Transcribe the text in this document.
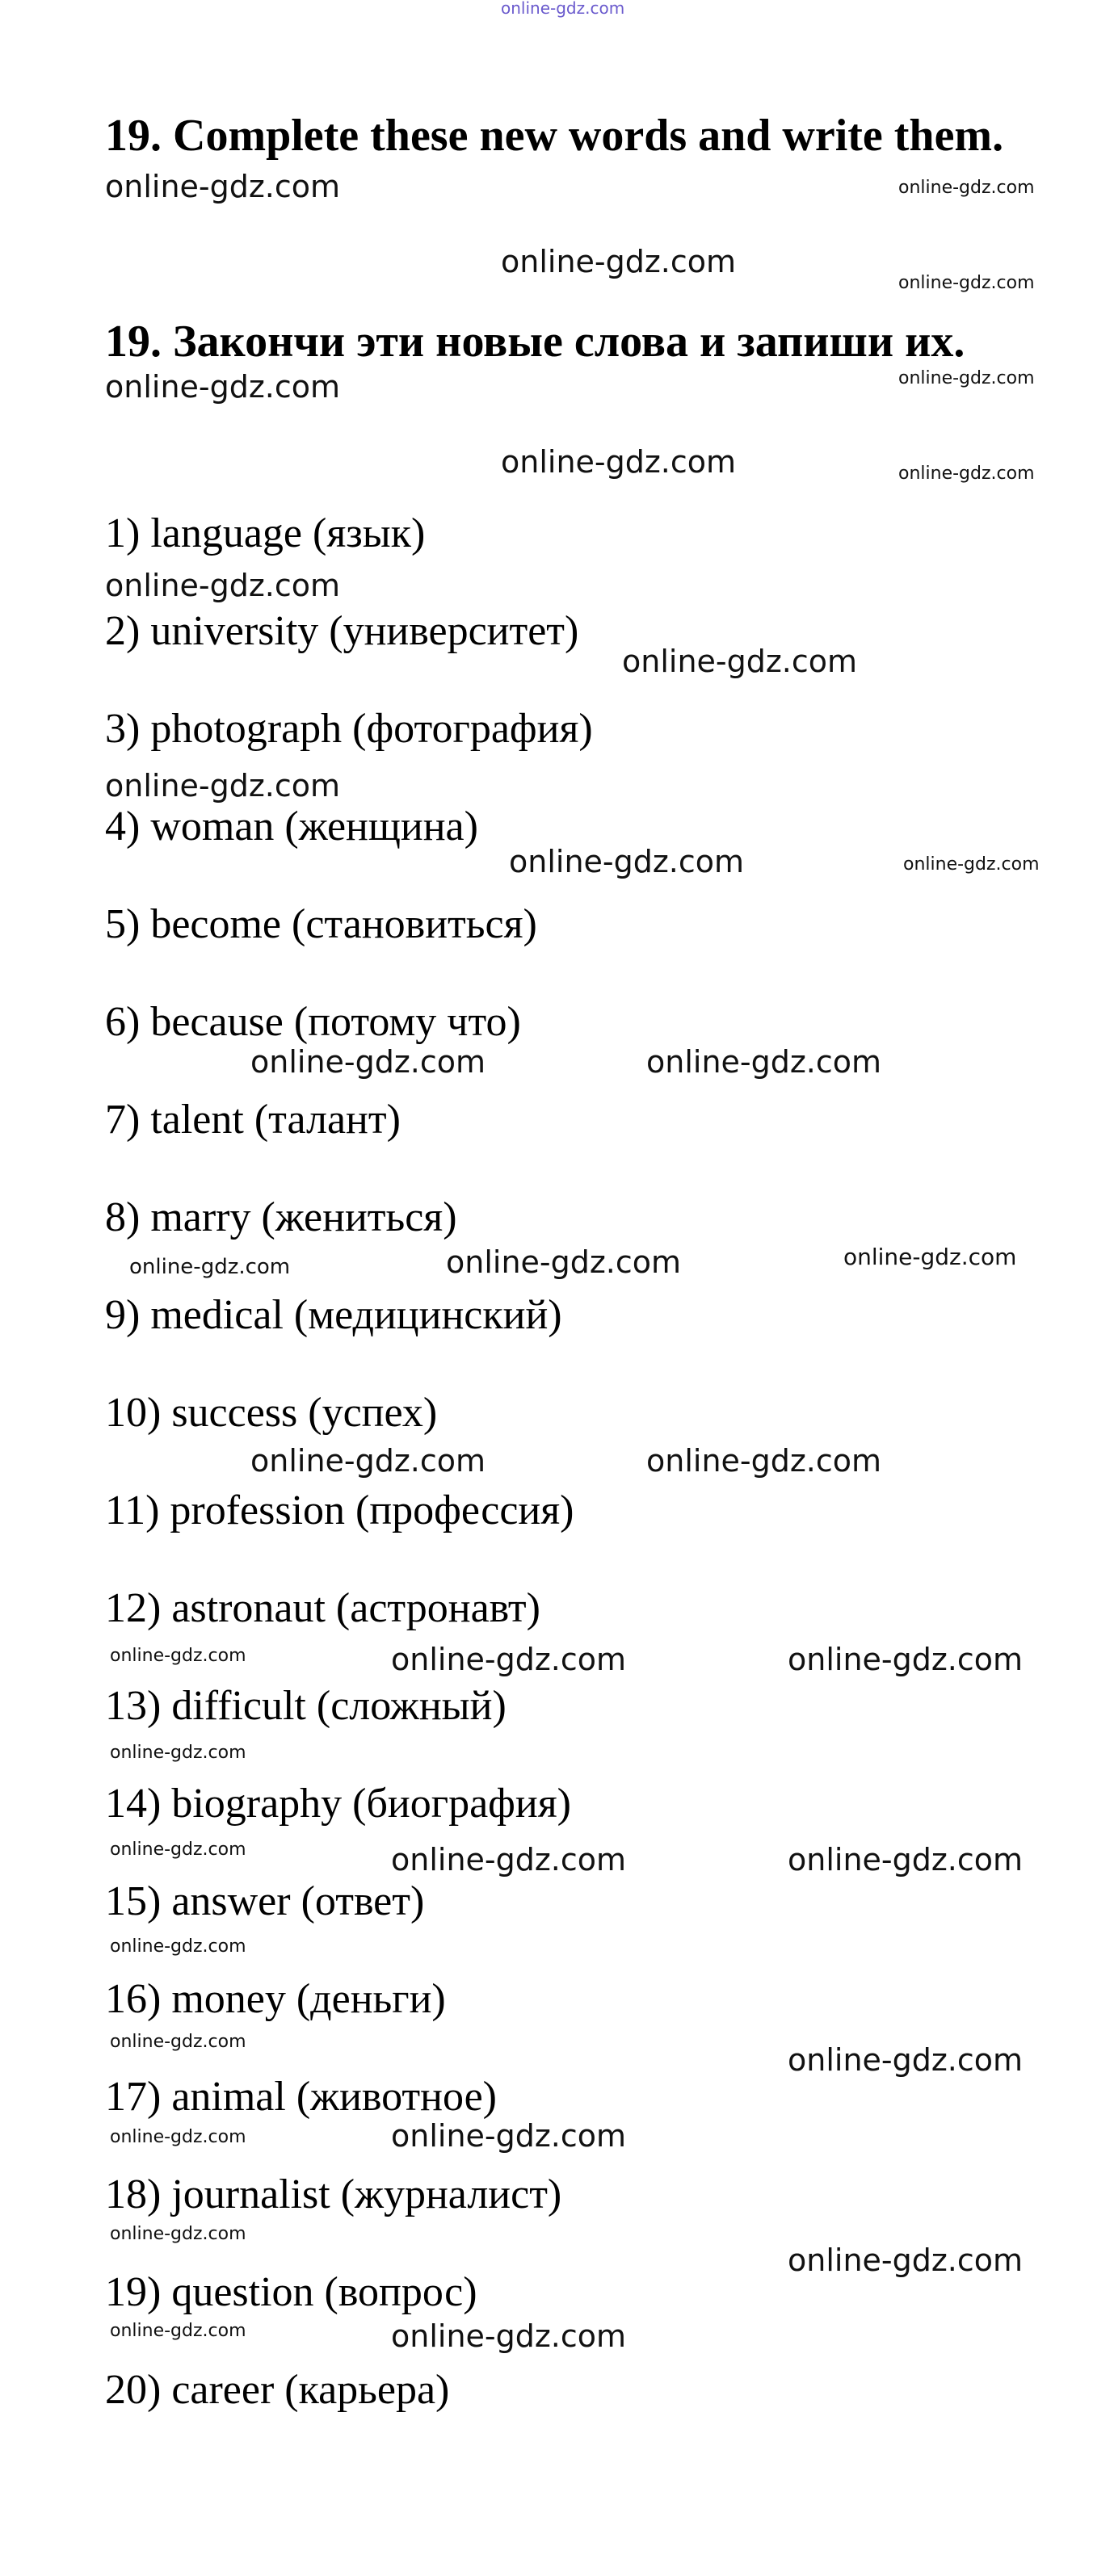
online-gdz.com
19. Complete these new words and write them.
19. Закончи эти новые слова и запиши их.
1) language (язык)
2) university (университет)
3) photograph (фотография)
4) woman (женщина)
5) become (становиться)
6) because (потому что)
7) talent (талант)
8) marry (жениться)
9) medical (медицинский)
10) success (успех)
11) profession (профессия)
12) astronaut (астронавт)
13) difficult (сложный)
14) biography (биография)
15) answer (ответ)
16) money (деньги)
17) animal (животное)
18) journalist (журналист)
19) question (вопрос)
20) career (карьера)
online-gdz.com	online-gdz.com
online-gdz.com
online-gdz.com
online-gdz.com	online-gdz.com
online-gdz.com	online-gdz.com
online-gdz.com
online-gdz.com
online-gdz.com
online-gdz.com	online-gdz.com
online-gdz.com	online-gdz.com
online-gdz.com	online-gdz.com	online-gdz.com
online-gdz.com	online-gdz.com
online-gdz.com	online-gdz.com	online-gdz.com
online-gdz.com
online-gdz.com	online-gdz.com	online-gdz.com
online-gdz.com
online-gdz.com
online-gdz.com
online-gdz.com	online-gdz.com
online-gdz.com
online-gdz.com
online-gdz.com	online-gdz.com
